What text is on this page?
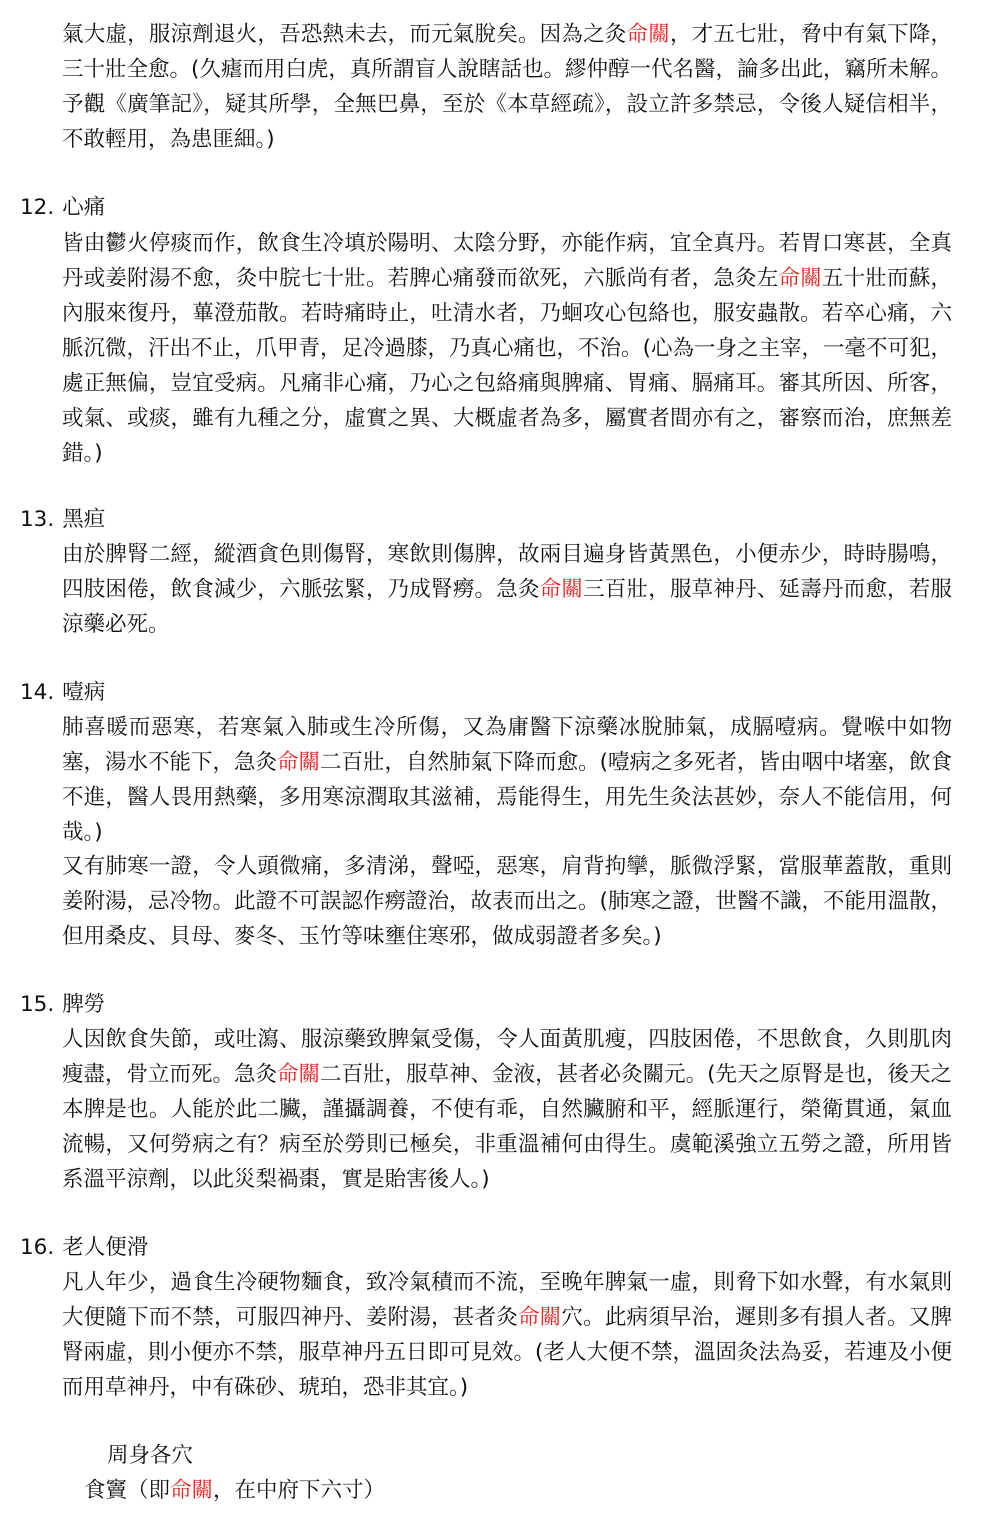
氣大虛，服涼劑退火，吾恐熱未去，而元氣脫矣。因為之灸命關，才五七壯，脅中有氣下降，三十壯全愈。(久瘧而用白虎，真所謂盲人說瞎話也。繆仲醇一代名醫，論多出此，竊所未解。予觀《廣筆記》，疑其所學，全無巴鼻，至於《本草經疏》，設立許多禁忌，令後人疑信相半，不敢輕用，為患匪細。)

12. 心痛

皆由鬱火停痰而作，飲食生冷填於陽明、太陰分野，亦能作病，宜全真丹。若胃口寒甚，全真丹或姜附湯不愈，灸中脘七十壯。若脾心痛發而欲死，六脈尚有者，急灸左命關五十壯而蘇，內服來復丹，蓽澄茄散。若時痛時止，吐清水者，乃蛔攻心包絡也，服安蟲散。若卒心痛，六脈沉微，汗出不止，爪甲青，足冷過膝，乃真心痛也，不治。(心為一身之主宰，一毫不可犯，處正無偏，豈宜受病。凡痛非心痛，乃心之包絡痛與脾痛、胃痛、膈痛耳。審其所因、所客，或氣、或痰，雖有九種之分，虛實之異、大概虛者為多，屬實者間亦有之，審察而治，庶無差錯。)

13. 黑疸

由於脾腎二經，縱酒貪色則傷腎，寒飲則傷脾，故兩目遍身皆黃黑色，小便赤少，時時腸鳴，四肢困倦，飲食減少，六脈弦緊，乃成腎癆。急灸命關三百壯，服草神丹、延壽丹而愈，若服涼藥必死。

14. 噎病

肺喜暖而惡寒，若寒氣入肺或生冷所傷，又為庸醫下涼藥冰脫肺氣，成膈噎病。覺喉中如物塞，湯水不能下，急灸命關二百壯，自然肺氣下降而愈。(噎病之多死者，皆由咽中堵塞，飲食不進，醫人畏用熱藥，多用寒涼潤取其滋補，焉能得生，用先生灸法甚妙，奈人不能信用，何哉。)

又有肺寒一證，令人頭微痛，多清涕，聲啞，惡寒，肩背拘攣，脈微浮緊，當服華蓋散，重則姜附湯，忌冷物。此證不可誤認作癆證治，故表而出之。(肺寒之證，世醫不識，不能用溫散，但用桑皮、貝母、麥冬、玉竹等味壅住寒邪，做成弱證者多矣。)

15. 脾勞

人因飲食失節，或吐瀉、服涼藥致脾氣受傷，令人面黃肌瘦，四肢困倦，不思飲食，久則肌肉瘦盡，骨立而死。急灸命關二百壯，服草神、金液，甚者必灸關元。(先天之原腎是也，後天之本脾是也。人能於此二臟，謹攝調養，不使有乖，自然臟腑和平，經脈運行，榮衛貫通，氣血流暢，又何勞病之有？病至於勞則已極矣，非重溫補何由得生。虞範溪強立五勞之證，所用皆系溫平涼劑，以此災梨禍棗，實是貽害後人。)

16. 老人便滑

凡人年少，過食生冷硬物麵食，致冷氣積而不流，至晚年脾氣一虛，則脅下如水聲，有水氣則大便隨下而不禁，可服四神丹、姜附湯，甚者灸命關穴。此病須早治，遲則多有損人者。又脾腎兩虛，則小便亦不禁，服草神丹五日即可見效。(老人大便不禁，溫固灸法為妥，若連及小便而用草神丹，中有硃砂、琥珀，恐非其宜。)

周身各穴
食竇（即命關，在中府下六寸）
